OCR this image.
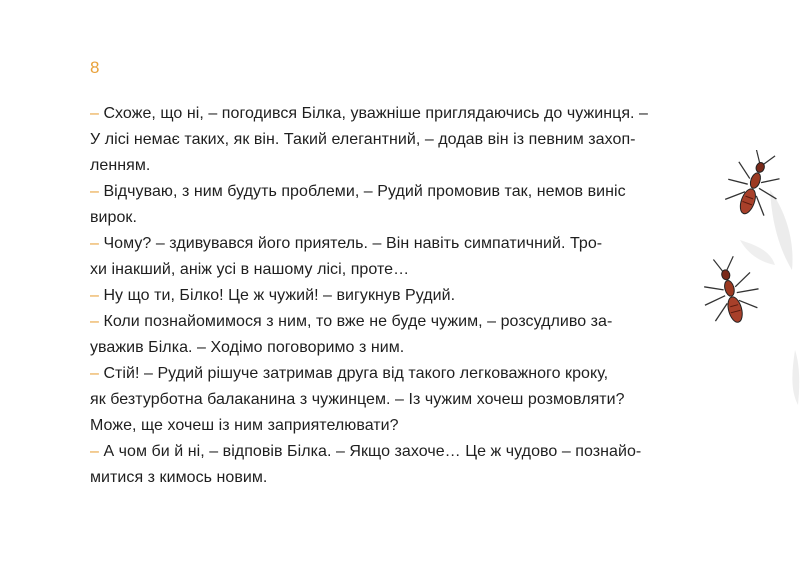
8
– Схоже, що ні, – погодився Білка, уважніше приглядаючись до чужинця. –
У лісі немає таких, як він. Такий елегантний, – додав він із певним захоп-
ленням.
– Відчуваю, з ним будуть проблеми, – Рудий промовив так, немов виніс
вирок.
– Чому? – здивувався його приятель. – Він навіть симпатичний. Тро-
хи інакший, аніж усі в нашому лісі, проте…
– Ну що ти, Білко! Це ж чужий! – вигукнув Рудий.
– Коли познайомимося з ним, то вже не буде чужим, – розсудливо за-
уважив Білка. – Ходімо поговоримо з ним.
– Стій! – Рудий рішуче затримав друга від такого легковажного кроку,
як безтурботна балаканина з чужинцем. – Із чужим хочеш розмовляти?
Може, ще хочеш із ним заприятелювати?
– А чом би й ні, – відповів Білка. – Якщо захоче… Це ж чудово – познайо-
митися з кимось новим.
